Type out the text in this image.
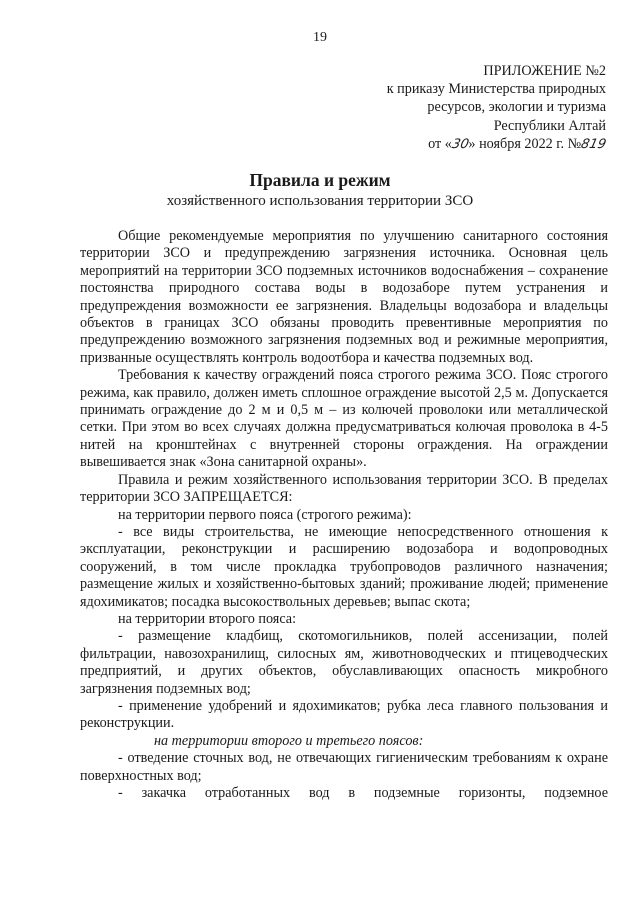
19
ПРИЛОЖЕНИЕ №2
к приказу Министерства природных
ресурсов, экологии и туризма
Республики Алтай
от «30» ноября 2022 г. №819
Правила и режим
хозяйственного использования территории ЗСО

Общие рекомендуемые мероприятия по улучшению санитарного состояния территории ЗСО и предупреждению загрязнения источника. Основная цель мероприятий на территории ЗСО подземных источников водоснабжения – сохранение постоянства природного состава воды в водозаборе путем устранения и предупреждения возможности ее загрязнения. Владельцы водозабора и владельцы объектов в границах ЗСО обязаны проводить превентивные мероприятия по предупреждению возможного загрязнения подземных вод и режимные мероприятия, призванные осуществлять контроль водоотбора и качества подземных вод.

Требования к качеству ограждений пояса строгого режима ЗСО. Пояс строгого режима, как правило, должен иметь сплошное ограждение высотой 2,5 м. Допускается принимать ограждение до 2 м и 0,5 м – из колючей проволоки или металлической сетки. При этом во всех случаях должна предусматриваться колючая проволока в 4-5 нитей на кронштейнах с внутренней стороны ограждения. На ограждении вывешивается знак «Зона санитарной охраны».

Правила и режим хозяйственного использования территории ЗСО. В пределах территории ЗСО ЗАПРЕЩАЕТСЯ:

на территории первого пояса (строгого режима):

- все виды строительства, не имеющие непосредственного отношения к эксплуатации, реконструкции и расширению водозабора и водопроводных сооружений, в том числе прокладка трубопроводов различного назначения; размещение жилых и хозяйственно-бытовых зданий; проживание людей; применение ядохимикатов; посадка высокоствольных деревьев; выпас скота;

на территории второго пояса:

- размещение кладбищ, скотомогильников, полей ассенизации, полей фильтрации, навозохранилищ, силосных ям, животноводческих и птицеводческих предприятий, и других объектов, обуславливающих опасность микробного загрязнения подземных вод;

- применение удобрений и ядохимикатов; рубка леса главного пользования и реконструкции.

на территории второго и третьего поясов:

- отведение сточных вод, не отвечающих гигиеническим требованиям к охране поверхностных вод;

- закачка отработанных вод в подземные горизонты, подземное
